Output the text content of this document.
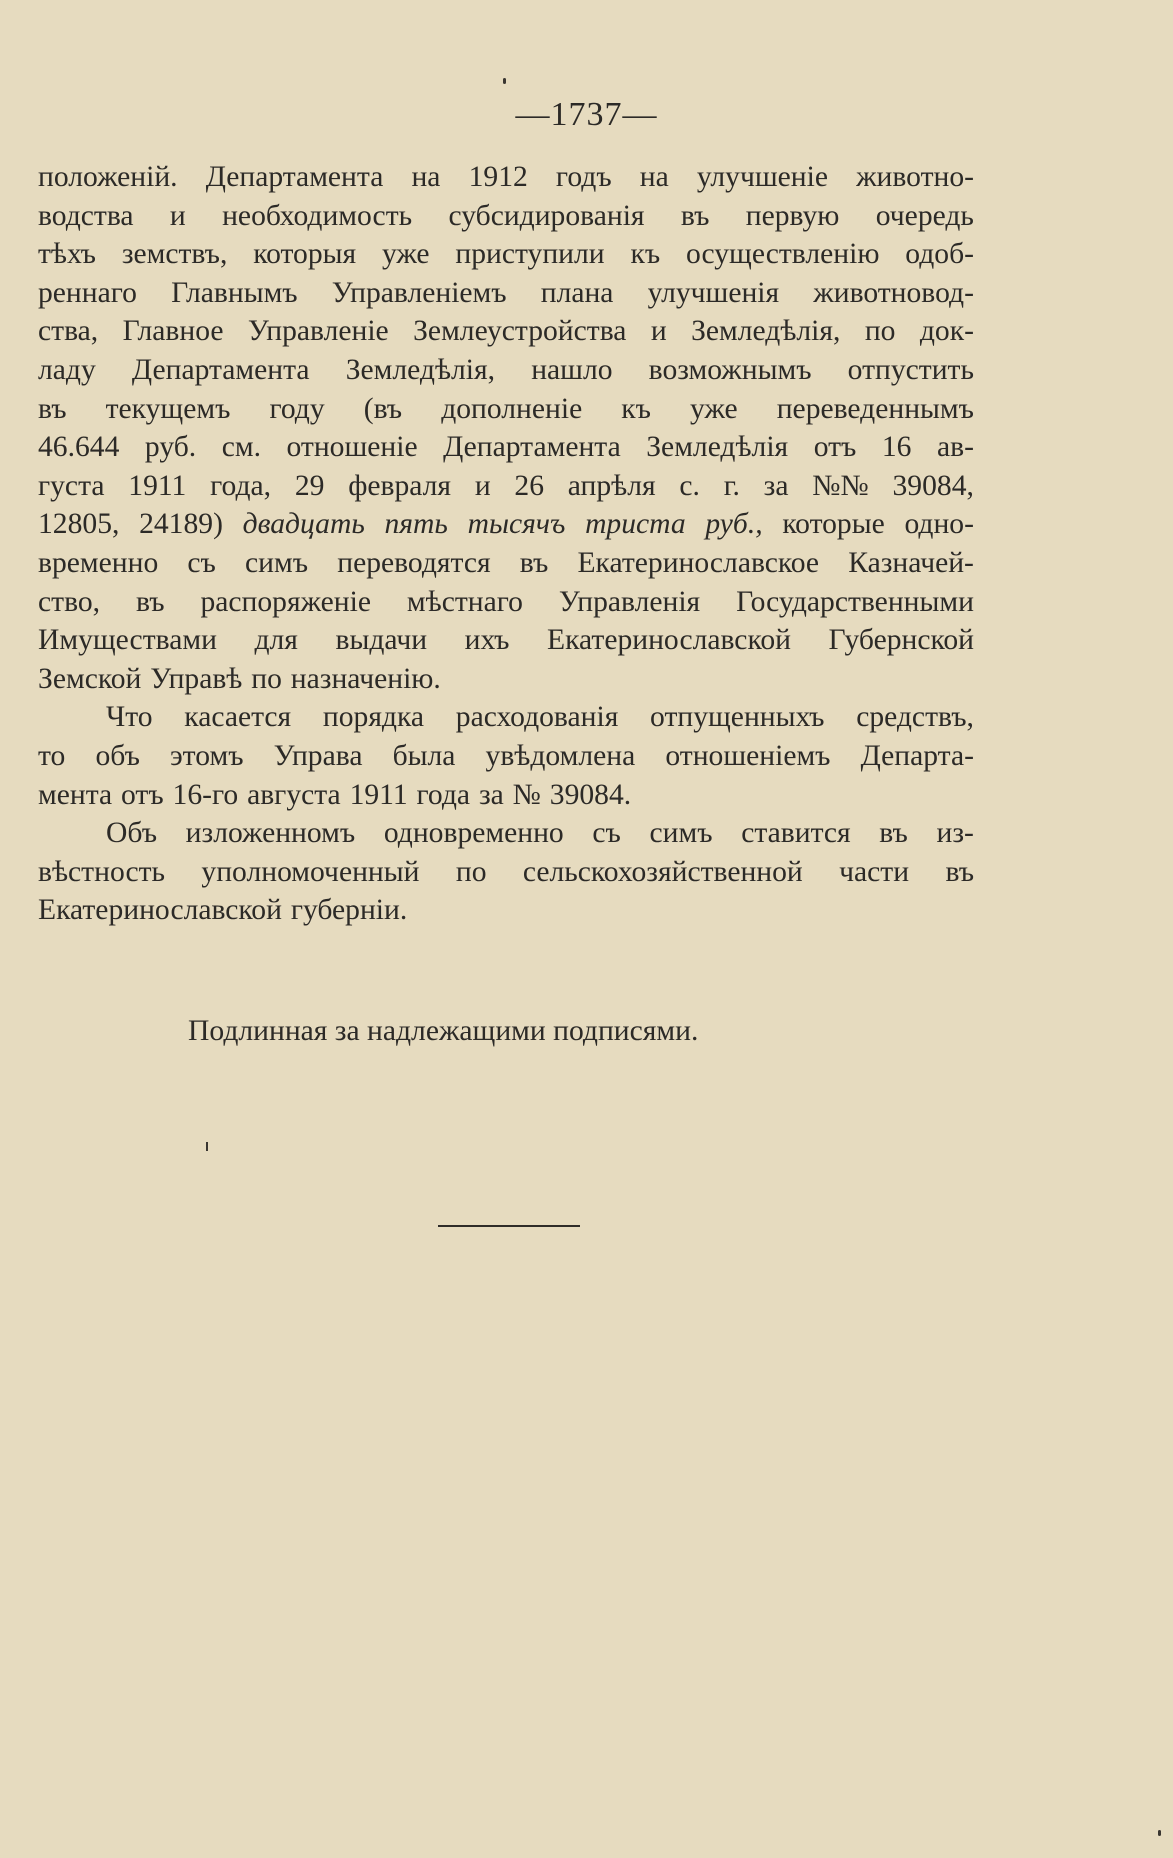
—1737—
положеній. Департамента на 1912 годъ на улучшеніе животно-
водства и необходимость субсидированія въ первую очередь
тѣхъ земствъ, которыя уже приступили къ осуществленію одоб-
реннаго Главнымъ Управленіемъ плана улучшенія животновод-
ства, Главное Управленіе Землеустройства и Земледѣлія, по док-
ладу Департамента Земледѣлія, нашло возможнымъ отпустить
въ текущемъ году (въ дополненіе къ уже переведеннымъ
46.644 руб. см. отношеніе Департамента Земледѣлія отъ 16 ав-
густа 1911 года, 29 февраля и 26 апрѣля с. г. за №№ 39084,
12805, 24189) двадцать пять тысячъ триста руб., которые одно-
временно съ симъ переводятся въ Екатеринославское Казначей-
ство, въ распоряженіе мѣстнаго Управленія Государственными
Имуществами для выдачи ихъ Екатеринославской Губернской
Земской Управѣ по назначенію.
Что касается порядка расходованія отпущенныхъ средствъ,
то объ этомъ Управа была увѣдомлена отношеніемъ Департа-
мента отъ 16-го августа 1911 года за № 39084.
Объ изложенномъ одновременно съ симъ ставится въ из-
вѣстность уполномоченный по сельскохозяйственной части въ
Екатеринославской губерніи.
Подлинная за надлежащими подписями.
